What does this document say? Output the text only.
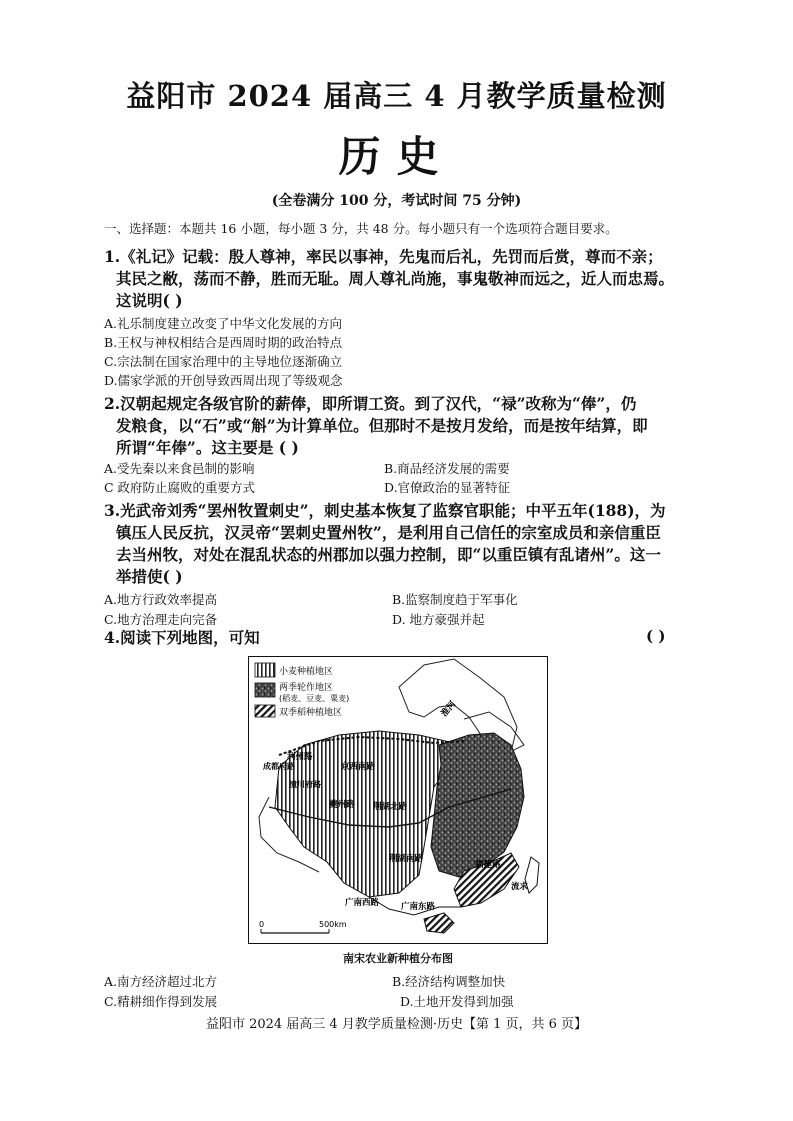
益阳市 2024 届高三 4 月教学质量检测
历史
(全卷满分 100 分，考试时间 75 分钟)
一、选择题：本题共 16 小题，每小题 3 分，共 48 分。每小题只有一个选项符合题目要求。
1.《礼记》记载：殷人尊神，率民以事神，先鬼而后礼，先罚而后赏，尊而不亲；
其民之敝，荡而不静，胜而无耻。周人尊礼尚施，事鬼敬神而远之，近人而忠焉。
这说明( )
A.礼乐制度建立改变了中华文化发展的方向
B.王权与神权相结合是西周时期的政治特点
C.宗法制在国家治理中的主导地位逐渐确立
D.儒家学派的开创导致西周出现了等级观念
2.汉朝起规定各级官阶的薪俸，即所谓工资。到了汉代，“禄”改称为“俸”，仍
发粮食，以“石”或“斛”为计算单位。但那时不是按月发给，而是按年结算，即
所谓“年俸”。这主要是 ( )
A.受先秦以来食邑制的影响	B.商品经济发展的需要
C 政府防止腐败的重要方式	D.官僚政治的显著特征
3.光武帝刘秀“罢州牧置刺史”，刺史基本恢复了监察官职能；中平五年(188)，为
镇压人民反抗，汉灵帝“罢刺史置州牧”，是利用自己信任的宗室成员和亲信重臣
去当州牧，对处在混乱状态的州郡加以强力控制，即“以重臣镇有乱诸州”。这一
举措使( )
A.地方行政效率提高	B.监察制度趋于军事化
C.地方治理走向完备	D. 地方豪强并起
4.阅读下列地图，可知	( )
小麦种植地区
两季轮作地区
(稻麦、豆麦、粟麦)
双季稻种植地区	淮河
利州路
成都府路
潼川府路
京西南路
夔州路 荆湖北路
荆湖南路
广南西路	广南东路
福建路
流求
0	500km
南宋农业新种植分布图
A.南方经济超过北方	B.经济结构调整加快
C.精耕细作得到发展	D.土地开发得到加强
益阳市 2024 届高三 4 月教学质量检测·历史【第 1 页，共 6 页】
